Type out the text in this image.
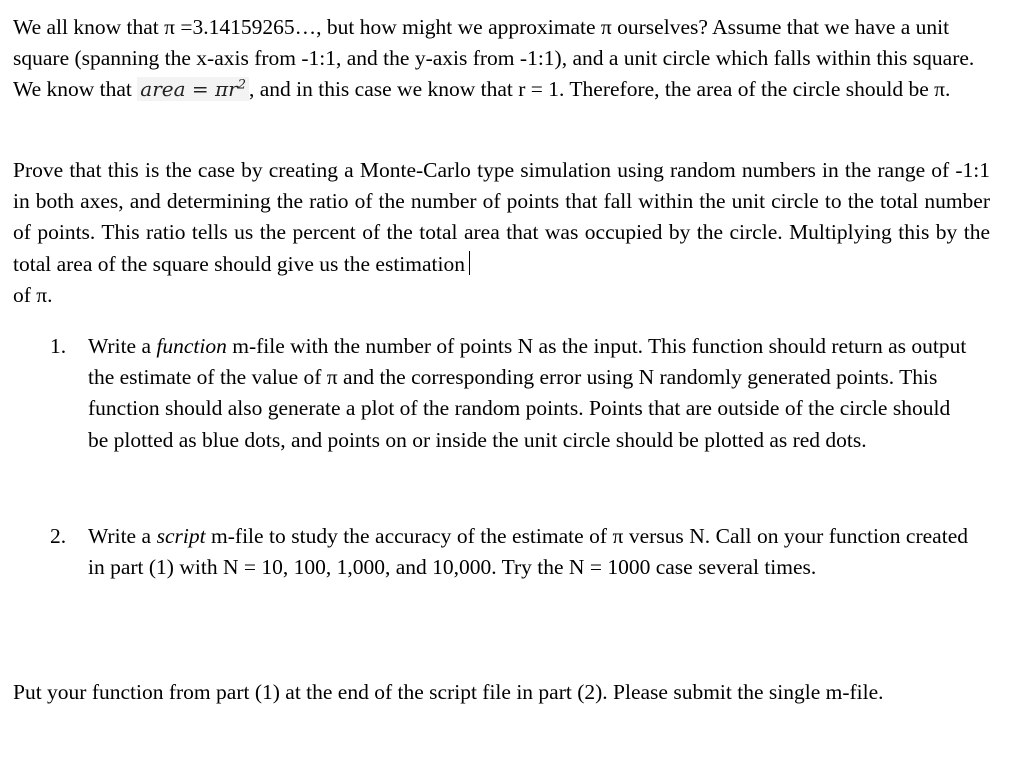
We all know that π =3.14159265…, but how might we approximate π ourselves? Assume that we have a unit square (spanning the x-axis from -1:1, and the y-axis from -1:1), and a unit circle which falls within this square. We know that area = $\pi r^2$ , and in this case we know that r = 1. Therefore, the area of the circle should be π.

Prove that this is the case by creating a Monte-Carlo type simulation using random numbers in the range of -1:1 in both axes, and determining the ratio of the number of points that fall within the unit circle to the total number of points. This ratio tells us the percent of the total area that was occupied by the circle. Multiplying this by the total area of the square should give us the estimation
of π.

1. Write a function m-file with the number of points N as the input. This function should return as output the estimate of the value of π and the corresponding error using N randomly generated points. This function should also generate a plot of the random points. Points that are outside of the circle should be plotted as blue dots, and points on or inside the unit circle should be plotted as red dots.
2. Write a script m-file to study the accuracy of the estimate of π versus N. Call on your function created in part (1) with N = 10, 100, 1,000, and 10,000. Try the N = 1000 case several times.

Put your function from part (1) at the end of the script file in part (2). Please submit the single m-file.
